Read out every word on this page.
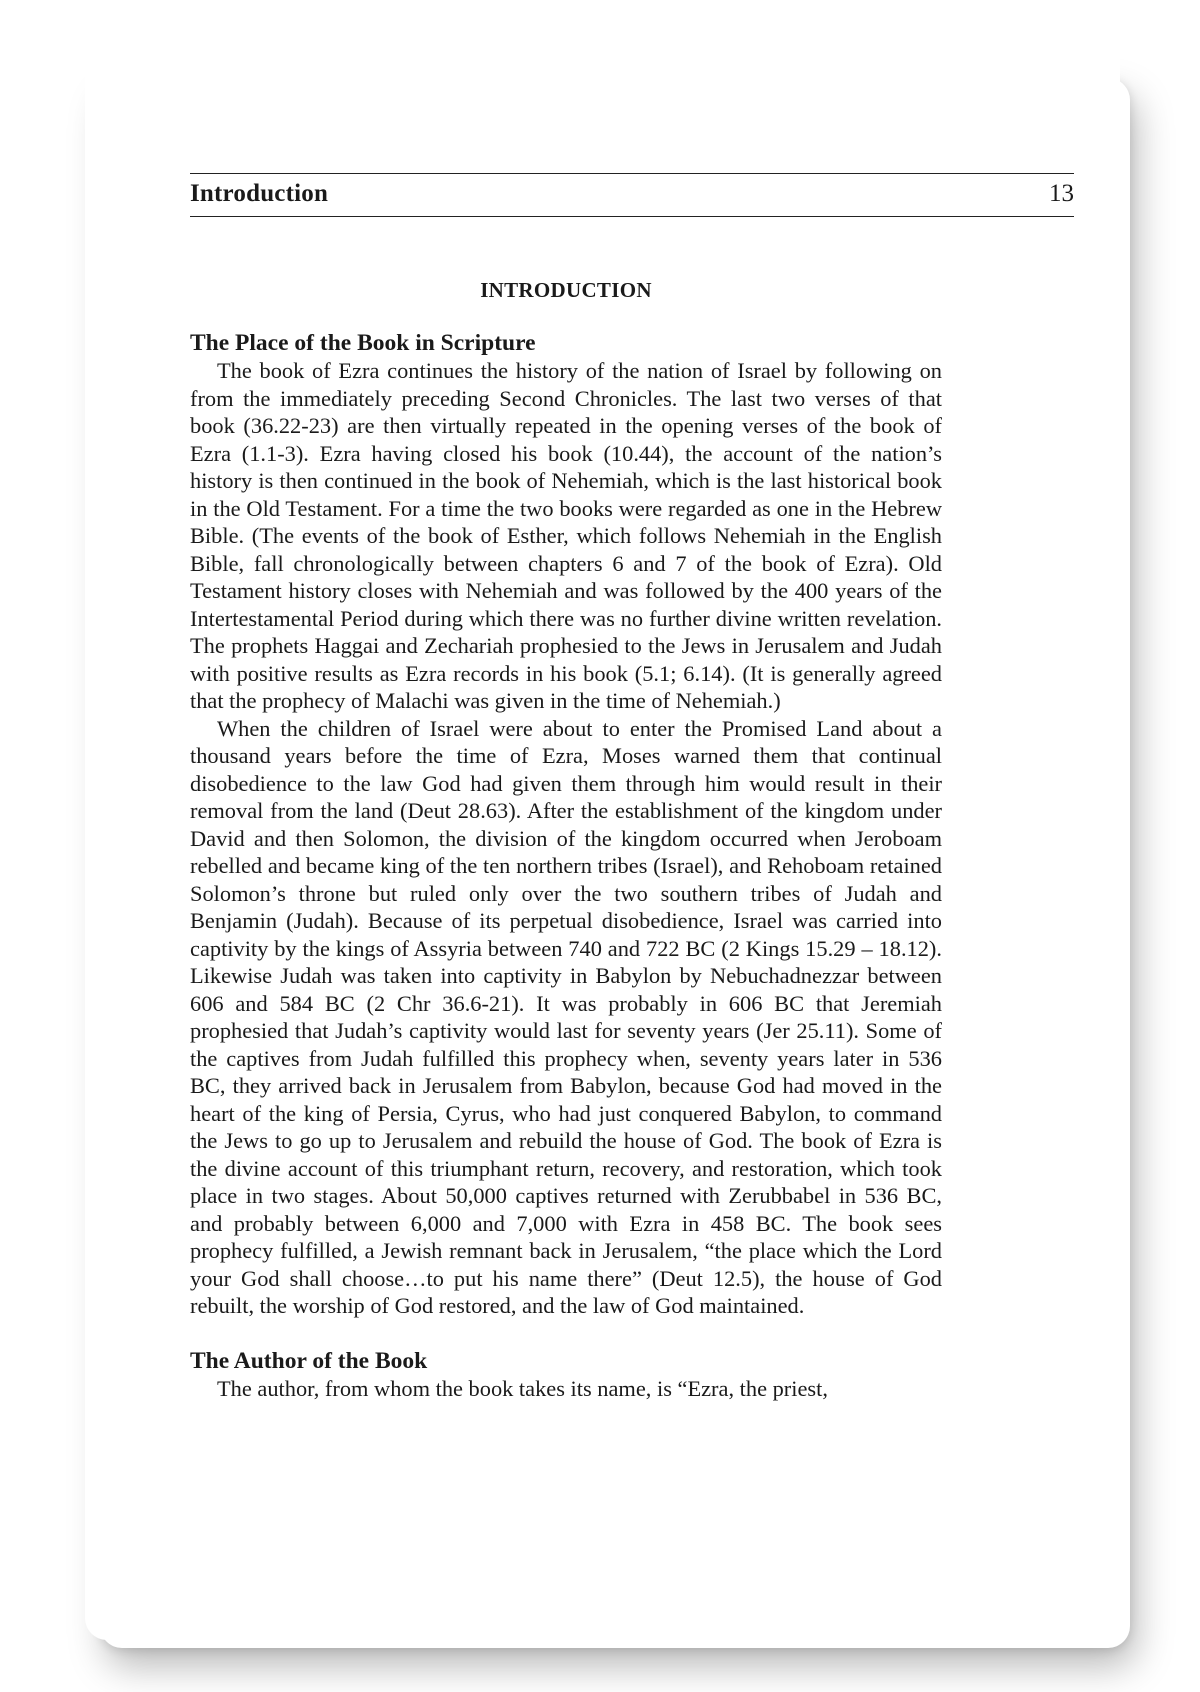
Introduction	13
INTRODUCTION
The Place of the Book in Scripture

The book of Ezra continues the history of the nation of Israel by following on from the immediately preceding Second Chronicles. The last two verses of that book (36.22-23) are then virtually repeated in the opening verses of the book of Ezra (1.1-3). Ezra having closed his book (10.44), the account of the nation’s history is then continued in the book of Nehemiah, which is the last historical book in the Old Testament. For a time the two books were regarded as one in the Hebrew Bible. (The events of the book of Esther, which follows Nehemiah in the English Bible, fall chronologically between chapters 6 and 7 of the book of Ezra). Old Testament history closes with Nehemiah and was followed by the 400 years of the Intertestamental Period during which there was no further divine written revelation. The prophets Haggai and Zechariah prophesied to the Jews in Jerusalem and Judah with positive results as Ezra records in his book (5.1; 6.14). (It is generally agreed that the prophecy of Malachi was given in the time of Nehemiah.)

When the children of Israel were about to enter the Promised Land about a thousand years before the time of Ezra, Moses warned them that continual disobedience to the law God had given them through him would result in their removal from the land (Deut 28.63). After the establishment of the kingdom under David and then Solomon, the division of the kingdom occurred when Jeroboam rebelled and became king of the ten northern tribes (Israel), and Rehoboam retained Solomon’s throne but ruled only over the two southern tribes of Judah and Benjamin (Judah). Because of its perpetual disobedience, Israel was carried into captivity by the kings of Assyria between 740 and 722 BC (2 Kings 15.29 – 18.12). Likewise Judah was taken into captivity in Babylon by Nebuchadnezzar between 606 and 584 BC (2 Chr 36.6-21). It was probably in 606 BC that Jeremiah prophesied that Judah’s captivity would last for seventy years (Jer 25.11). Some of the captives from Judah fulfilled this prophecy when, seventy years later in 536 BC, they arrived back in Jerusalem from Babylon, because God had moved in the heart of the king of Persia, Cyrus, who had just conquered Babylon, to command the Jews to go up to Jerusalem and rebuild the house of God. The book of Ezra is the divine account of this triumphant return, recovery, and restoration, which took place in two stages. About 50,000 captives returned with Zerubbabel in 536 BC, and probably between 6,000 and 7,000 with Ezra in 458 BC. The book sees prophecy fulfilled, a Jewish remnant back in Jerusalem, “the place which the Lord your God shall choose…to put his name there” (Deut 12.5), the house of God rebuilt, the worship of God restored, and the law of God maintained.

The Author of the Book

The author, from whom the book takes its name, is “Ezra, the priest,
